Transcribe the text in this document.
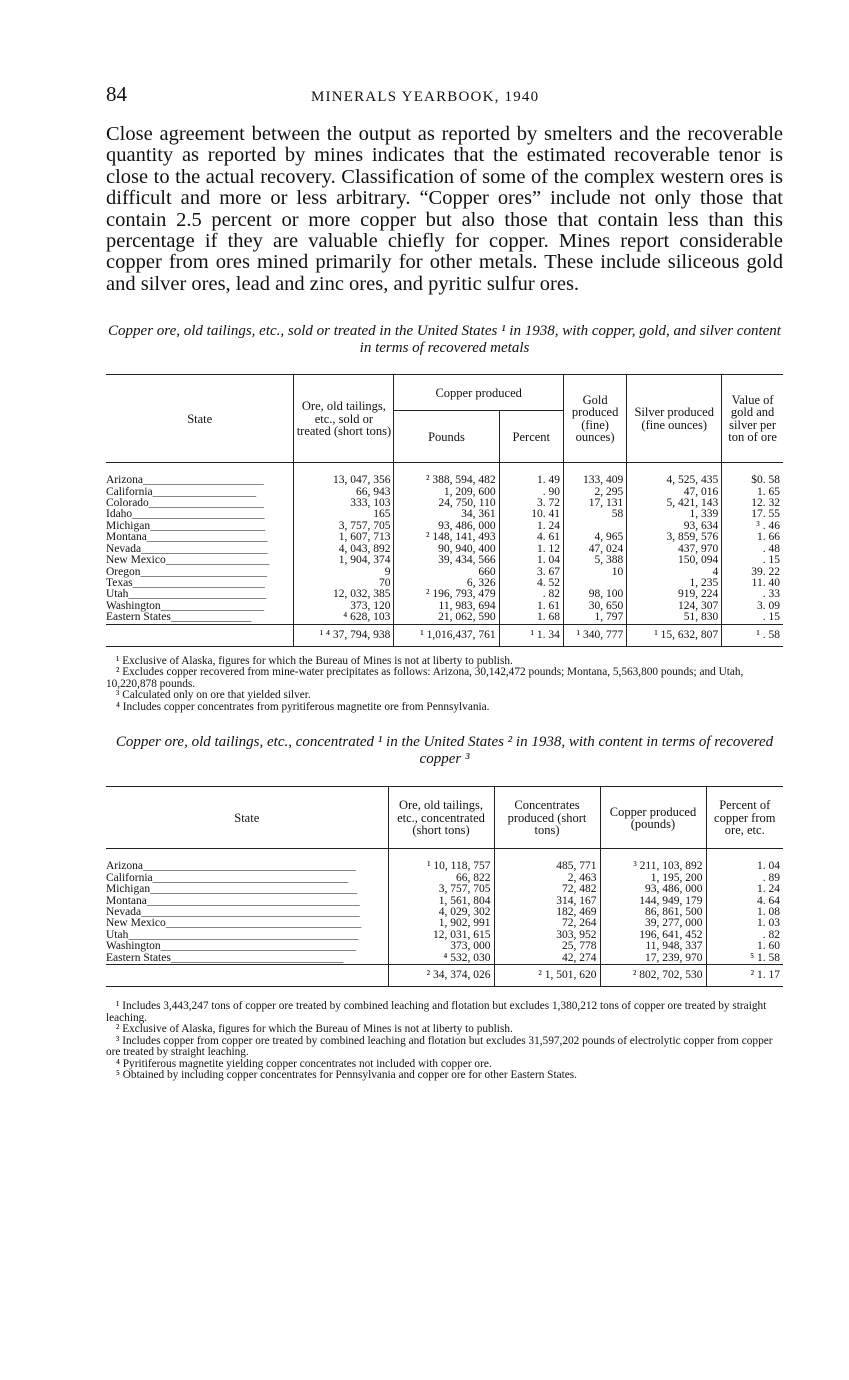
84	MINERALS YEARBOOK, 1940

Close agreement between the output as reported by smelters and the recoverable quantity as reported by mines indicates that the estimated recoverable tenor is close to the actual recovery. Classification of some of the complex western ores is difficult and more or less arbitrary. “Copper ores” include not only those that contain 2.5 percent or more copper but also those that contain less than this percentage if they are valuable chiefly for copper. Mines report considerable copper from ores mined primarily for other metals. These include siliceous gold and silver ores, lead and zinc ores, and pyritic sulfur ores.

Copper ore, old tailings, etc., sold or treated in the United States ¹ in 1938, with copper, gold, and silver content in terms of recovered metals

State	Ore, old tailings, etc., sold or treated (short tons)	Copper produced		Gold produced (fine) ounces)	Silver produced (fine ounces)	Value of gold and silver per ton of ore
		Pounds	Percent			
Arizona_____________________	13, 047, 356	² 388, 594, 482	1. 49	133, 409	4, 525, 435	$0. 58
California__________________	66, 943	1, 209, 600	. 90	2, 295	47, 016	1. 65
Colorado____________________	333, 103	24, 750, 110	3. 72	17, 131	5, 421, 143	12. 32
Idaho_______________________	165	34, 361	10. 41	58	1, 339	17. 55
Michigan____________________	3, 757, 705	93, 486, 000	1. 24		93, 634	³ . 46
Montana_____________________	1, 607, 713	² 148, 141, 493	4. 61	4, 965	3, 859, 576	1. 66
Nevada______________________	4, 043, 892	90, 940, 400	1. 12	47, 024	437, 970	. 48
New Mexico__________________	1, 904, 374	39, 434, 566	1. 04	5, 388	150, 094	. 15
Oregon______________________	9	660	3. 67	10	4	39. 22
Texas_______________________	70	6, 326	4. 52		1, 235	11. 40
Utah________________________	12, 032, 385	² 196, 793, 479	. 82	98, 100	919, 224	. 33
Washington__________________	373, 120	11, 983, 694	1. 61	30, 650	124, 307	3. 09
Eastern States______________	⁴ 628, 103	21, 062, 590	1. 68	1, 797	51, 830	. 15
	¹ ⁴ 37, 794, 938	¹ 1,016,437, 761	¹ 1. 34	¹ 340, 777	¹ 15, 632, 807	¹ . 58

¹ Exclusive of Alaska, figures for which the Bureau of Mines is not at liberty to publish.

² Excludes copper recovered from mine-water precipitates as follows: Arizona, 30,142,472 pounds; Montana, 5,563,800 pounds; and Utah, 10,220,878 pounds.

³ Calculated only on ore that yielded silver.

⁴ Includes copper concentrates from pyritiferous magnetite ore from Pennsylvania.

Copper ore, old tailings, etc., concentrated ¹ in the United States ² in 1938, with content in terms of recovered copper ³

State	Ore, old tailings, etc., concentrated (short tons)	Concentrates produced (short tons)	Copper produced (pounds)	Percent of copper from ore, etc.
Arizona_____________________________________	¹ 10, 118, 757	485, 771	³ 211, 103, 892	1. 04
California__________________________________	66, 822	2, 463	1, 195, 200	. 89
Michigan____________________________________	3, 757, 705	72, 482	93, 486, 000	1. 24
Montana_____________________________________	1, 561, 804	314, 167	144, 949, 179	4. 64
Nevada______________________________________	4, 029, 302	182, 469	86, 861, 500	1. 08
New Mexico__________________________________	1, 902, 991	72, 264	39, 277, 000	1. 03
Utah________________________________________	12, 031, 615	303, 952	196, 641, 452	. 82
Washington__________________________________	373, 000	25, 778	11, 948, 337	1. 60
Eastern States______________________________	⁴ 532, 030	42, 274	17, 239, 970	⁵ 1. 58
	² 34, 374, 026	² 1, 501, 620	² 802, 702, 530	² 1. 17

¹ Includes 3,443,247 tons of copper ore treated by combined leaching and flotation but excludes 1,380,212 tons of copper ore treated by straight leaching.

² Exclusive of Alaska, figures for which the Bureau of Mines is not at liberty to publish.

³ Includes copper from copper ore treated by combined leaching and flotation but excludes 31,597,202 pounds of electrolytic copper from copper ore treated by straight leaching.

⁴ Pyritiferous magnetite yielding copper concentrates not included with copper ore.

⁵ Obtained by including copper concentrates for Pennsylvania and copper ore for other Eastern States.
